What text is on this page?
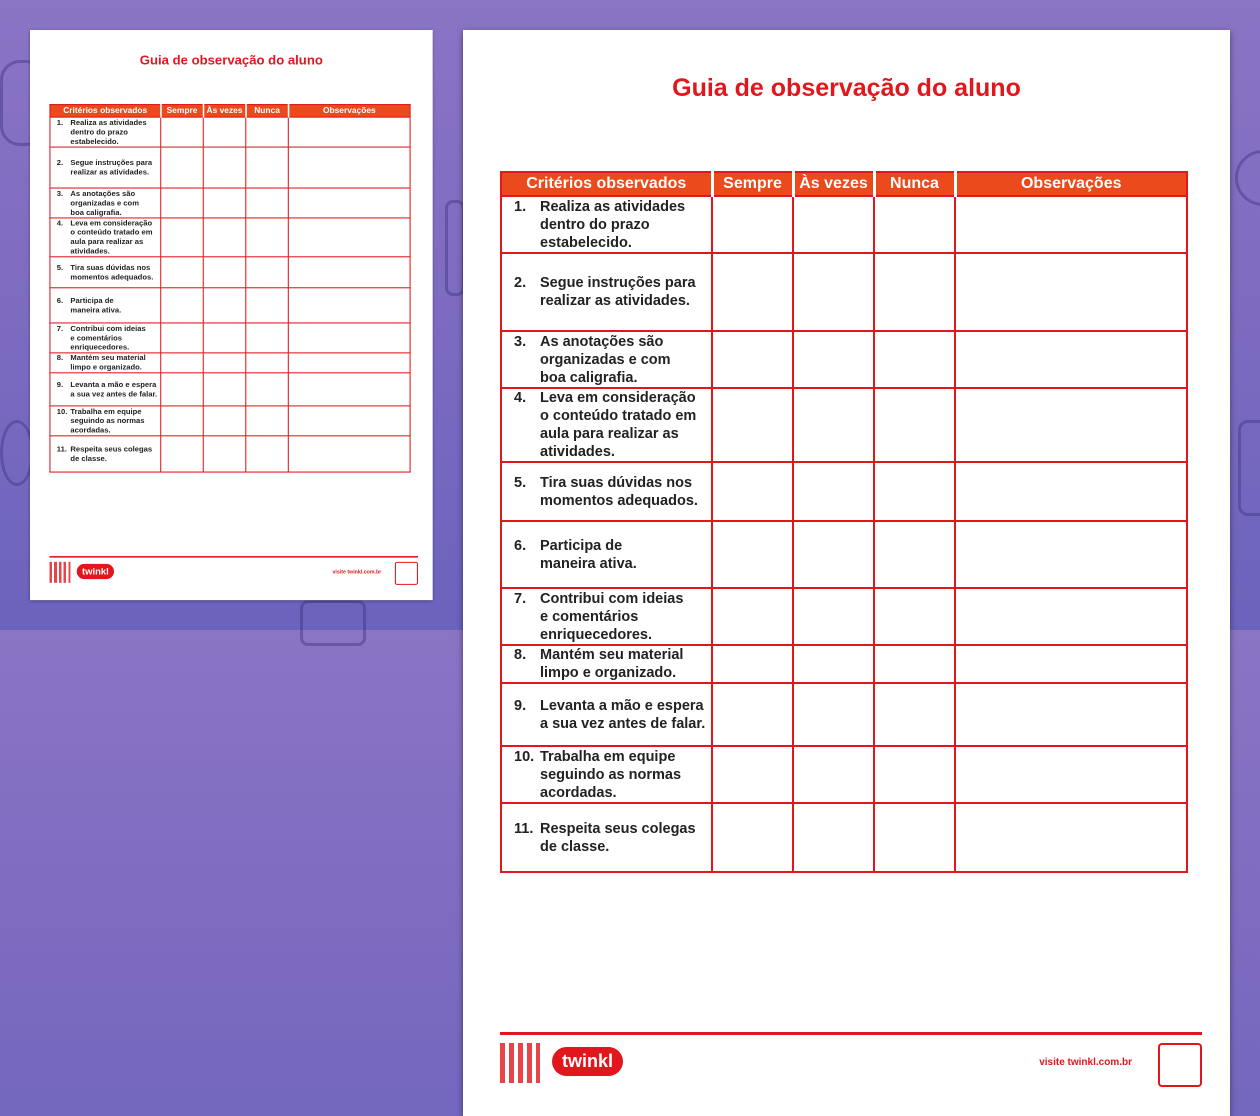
Guia de observação do aluno
Critérios observados	Sempre	Às vezes	Nunca	Observações

1. Realiza as atividades
dentro do prazo
estabelecido.				

2. Segue instruções para
realizar as atividades.				

3. As anotações são
organizadas e com
boa caligrafia.				

4. Leva em consideração
o conteúdo tratado em
aula para realizar as
atividades.				

5. Tira suas dúvidas nos
momentos adequados.				

6. Participa de
maneira ativa.				

7. Contribui com ideias
e comentários
enriquecedores.				

8. Mantém seu material
limpo e organizado.				

9. Levanta a mão e espera
a sua vez antes de falar.				

10. Trabalha em equipe
seguindo as normas
acordadas.				

11. Respeita seus colegas
de classe.				

twinkl	visite twinkl.com.br
Guia de observação do aluno
Critérios observados	Sempre	Às vezes	Nunca	Observações

1. Realiza as atividades
dentro do prazo
estabelecido.				

2. Segue instruções para
realizar as atividades.				

3. As anotações são
organizadas e com
boa caligrafia.				

4. Leva em consideração
o conteúdo tratado em
aula para realizar as
atividades.				

5. Tira suas dúvidas nos
momentos adequados.				

6. Participa de
maneira ativa.				

7. Contribui com ideias
e comentários
enriquecedores.				

8. Mantém seu material
limpo e organizado.				

9. Levanta a mão e espera
a sua vez antes de falar.				

10. Trabalha em equipe
seguindo as normas
acordadas.				

11. Respeita seus colegas
de classe.				

twinkl	visite twinkl.com.br
